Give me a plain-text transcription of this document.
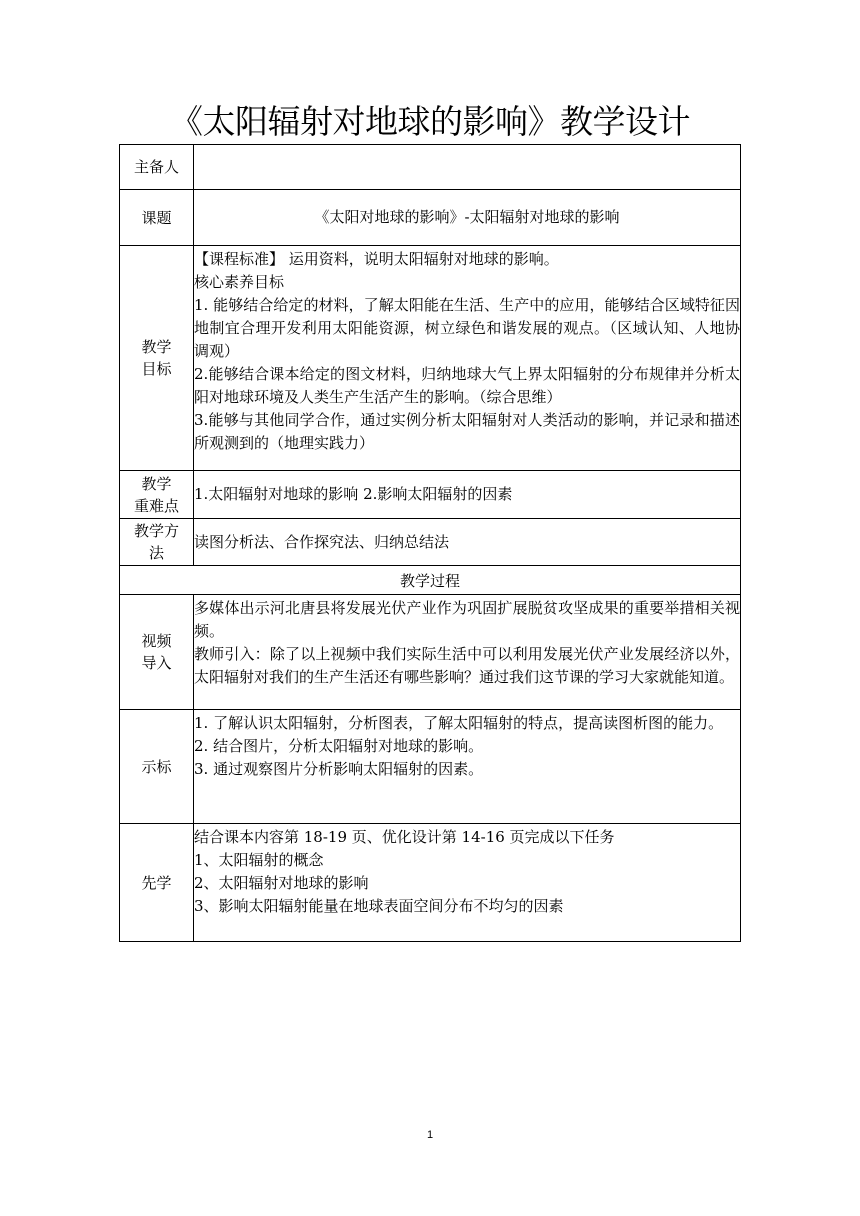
《太阳辐射对地球的影响》教学设计
主备人	
课题	《太阳对地球的影响》-太阳辐射对地球的影响

教学
目标	【课程标准】 运用资料，说明太阳辐射对地球的影响。
核心素养目标
1. 能够结合给定的材料，了解太阳能在生活、生产中的应用，能够结合区域特征因地制宜合理开发利用太阳能资源，树立绿色和谐发展的观点。（区域认知、人地协调观）
2.能够结合课本给定的图文材料，归纳地球大气上界太阳辐射的分布规律并分析太阳对地球环境及人类生产生活产生的影响。（综合思维）
3.能够与其他同学合作，通过实例分析太阳辐射对人类活动的影响，并记录和描述所观测到的（地理实践力）

教学
重难点	1.太阳辐射对地球的影响 2.影响太阳辐射的因素

教学方
法	读图分析法、合作探究法、归纳总结法
教学过程	

视频
导入	多媒体出示河北唐县将发展光伏产业作为巩固扩展脱贫攻坚成果的重要举措相关视频。
教师引入：除了以上视频中我们实际生活中可以利用发展光伏产业发展经济以外，太阳辐射对我们的生产生活还有哪些影响？通过我们这节课的学习大家就能知道。

示标	1. 了解认识太阳辐射，分析图表，了解太阳辐射的特点，提高读图析图的能力。
2. 结合图片，分析太阳辐射对地球的影响。
3. 通过观察图片分析影响太阳辐射的因素。

先学	结合课本内容第 18-19 页、优化设计第 14-16 页完成以下任务
1、太阳辐射的概念
2、太阳辐射对地球的影响
3、影响太阳辐射能量在地球表面空间分布不均匀的因素
1
